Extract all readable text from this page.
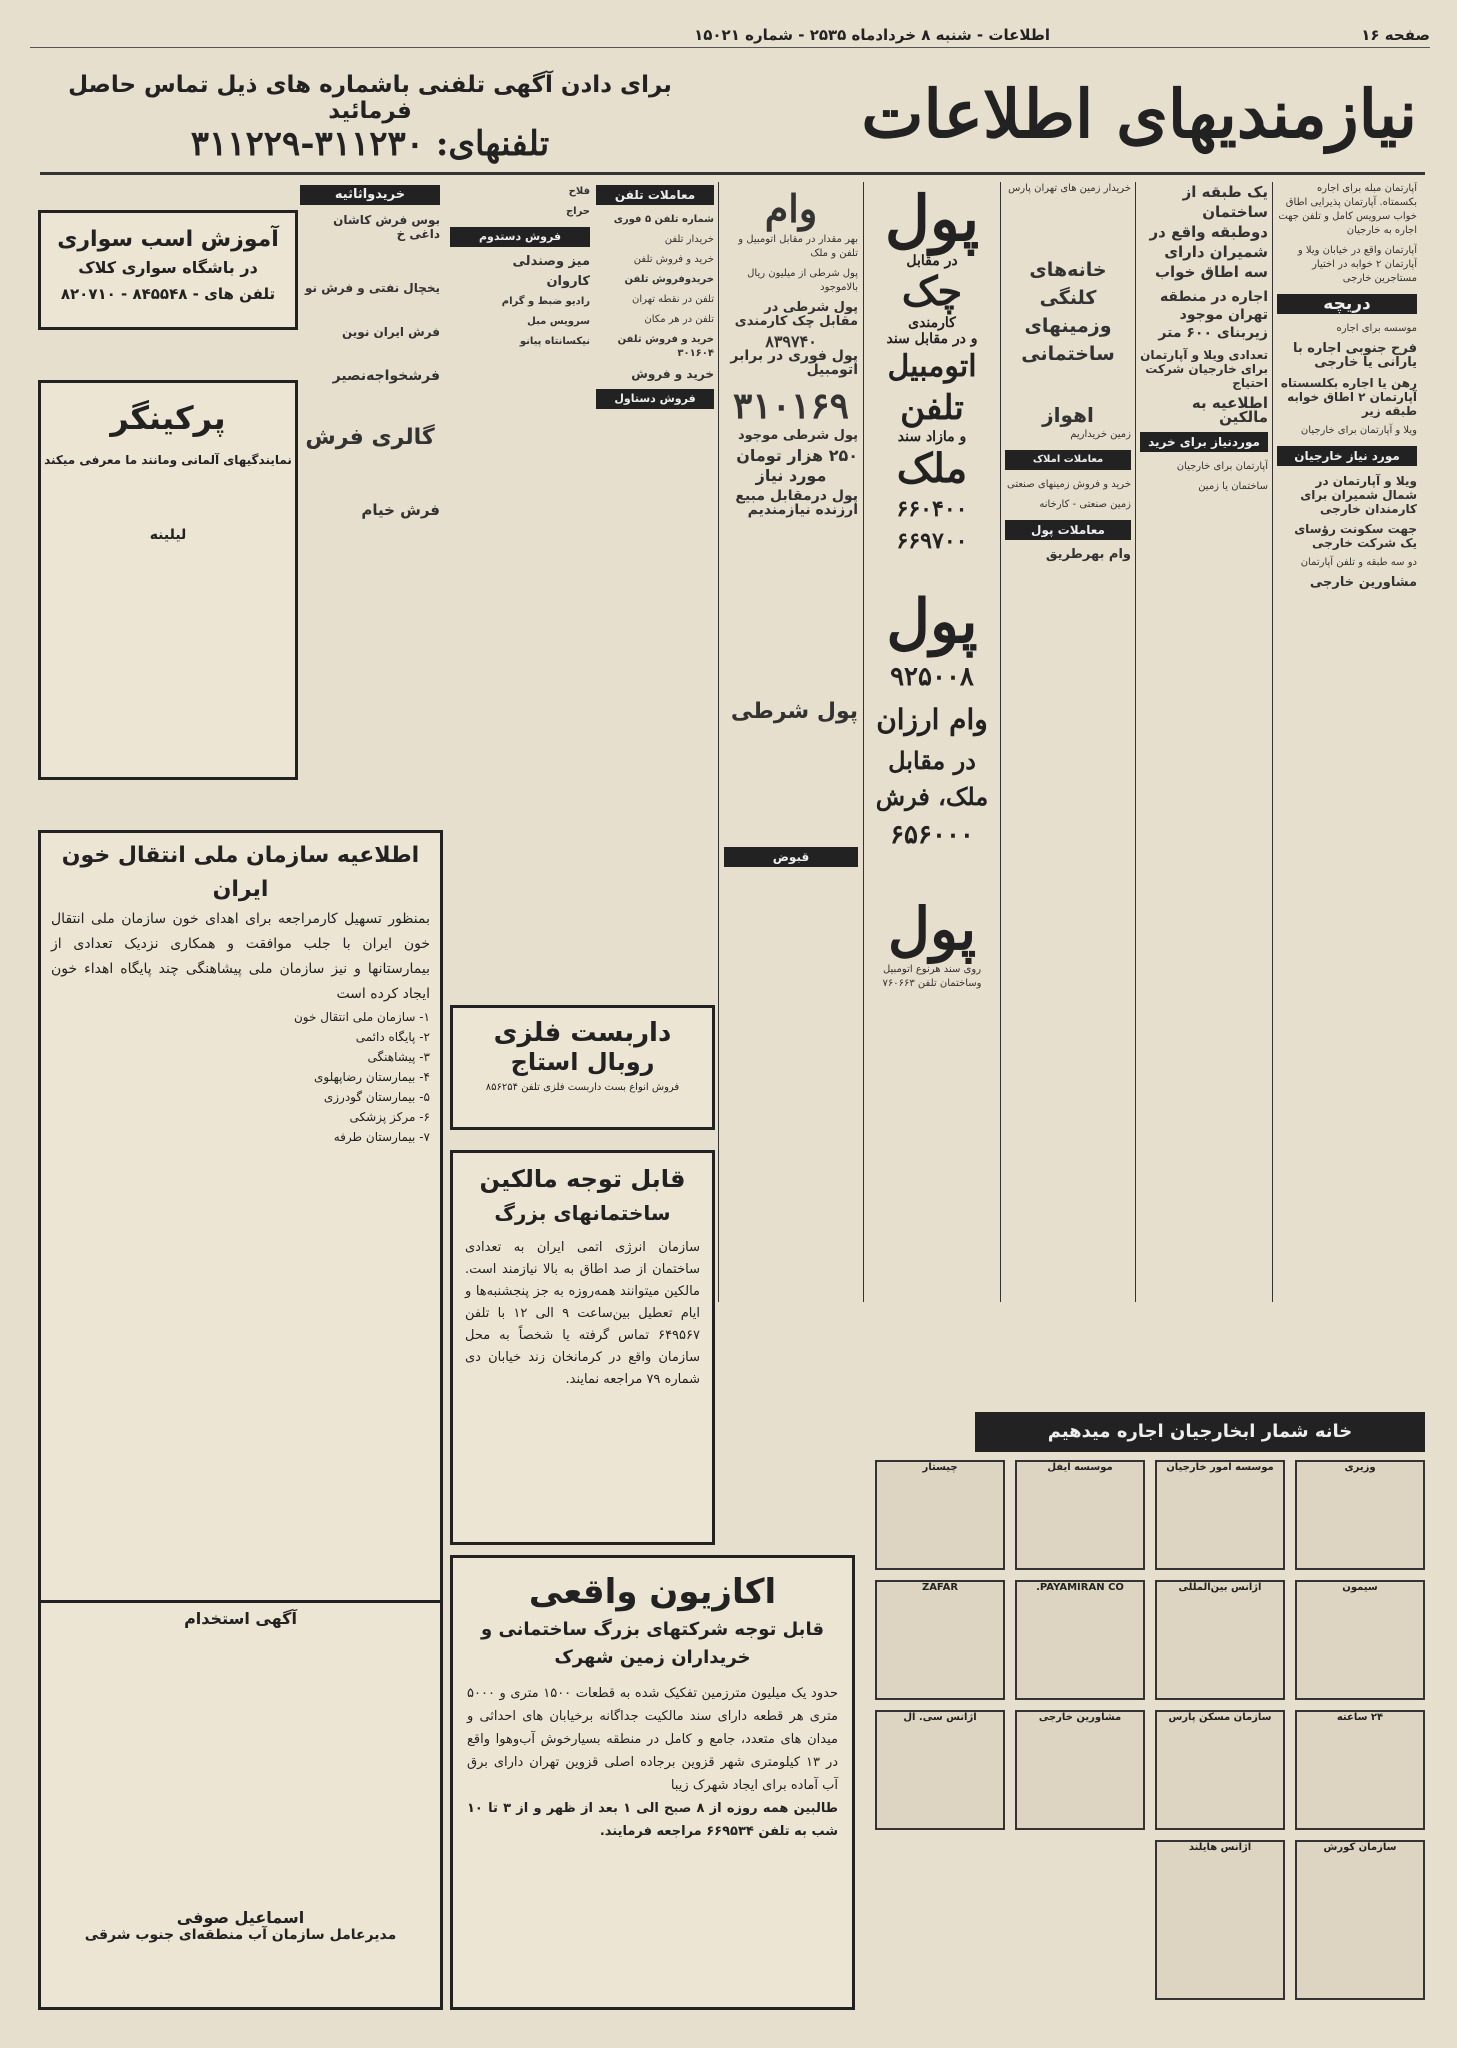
صفحه ۱۶
اطلاعات - شنبه ۸ خردادماه ۲۵۳۵ - شماره ۱۵۰۲۱
نیازمندیهای اطلاعات
برای دادن آگهی تلفنی باشماره های ذیل تماس حاصل فرمائید
تلفنهای: ۳۱۱۲۳۰-۳۱۱۲۲۹

آپارتمان مبله برای اجاره بکسمتاه. آپارتمان پذیرایی اطاق خواب سرویس کامل و تلفن جهت اجاره به خارجیان

آپارتمان واقع در خیابان ویلا و آپارتمان ۲ خوابه در اختیار مستاجرین خارجی

دریچه

موسسه برای اجاره

فرح جنوبی اجاره با یارانی یا خارجی

رهن یا اجاره بکلسستاه آپارتمان ۲ اطاق خوابه طبقه زیر

ویلا و آپارتمان برای خارجیان

مورد نیاز خارجیان

ویلا و آپارتمان در شمال شمیران برای کارمندان خارجی

جهت سکونت رؤسای یک شرکت خارجی

دو سه طبقه و تلفن آپارتمان

مشاورین خارجی

یک طبقه از ساختمان دوطبقه واقع در شمیران دارای سه اطاق خواب

اجاره در منطقه تهران موجود زیربنای ۶۰۰ متر

تعدادی ویلا و آپارتمان برای خارجیان شرکت احتیاج

اطلاعیه به مالکین

موردنیاز برای خرید

آپارتمان برای خارجیان

ساختمان یا زمین

خریدار زمین های تهران پارس

خانه‌های کلنگی وزمینهای ساختمانی

اهواز

زمین خریداریم

معاملات املاک

خرید و فروش زمینهای صنعتی

زمین صنعتی - کارخانه

معاملات پول

وام بهرطریق

پول
در مقابل
چک
کارمندی
و در مقابل سند
اتومبیل
تلفن
و مازاد سند
ملک
۶۶۰۴۰۰ ۶۶۹۷۰۰
پول
۹۲۵۰۰۸
وام ارزان
در مقابل
ملک، فرش
۶۵۶۰۰۰
پول
روی سند هرنوع اتومبیل وساختمان تلفن ۷۶۰۶۶۳
وام

بهر مقدار در مقابل اتومبیل و تلفن و ملک

پول شرطی از میلیون ریال بالاموجود

پول شرطی در مقابل چک کارمندی

۸۳۹۷۴۰

پول فوری در برابر اتومبیل

۳۱۰۱۶۹

پول شرطی موجود

۲۵۰ هزار تومان

مورد نیاز

پول درمقابل مبیع ارزنده نیازمندیم

پول شرطی

قبوض
معاملات تلفن

شماره تلفن ۵ فوری

خریدار تلفن

خرید و فروش تلفن

خریدوفروش تلفن

تلفن در نقطه تهران

تلفن در هر مکان

خرید و فروش تلفن ۳۰۱۶۰۴

خرید و فروش

فروش دستاول

فلاح

حراج

فروش دستدوم

میز وصندلی

کاروان

رادیو ضبط و گرام

سرویس مبل

نیکسانتاه پیانو

خریدواثاثیه

بوس فرش کاشان داغی خ

یخچال نفتی و فرش نو

فرش ایران نوین

فرشخواجه‌نصیر

گالری فرش

فرش خیام

آموزش اسب سواری
در باشگاه سواری کلاک
تلفن های - ۸۴۵۵۴۸ - ۸۲۰۷۱۰
پرکینگر
نمایندگیهای آلمانی ومانند ما معرفی میکند
لیلینه
اطلاعیه سازمان ملی انتقال خون ایران
بمنظور تسهیل کارمراجعه برای اهدای خون سازمان ملی انتقال خون ایران با جلب موافقت و همکاری نزدیک تعدادی از بیمارستانها و نیز سازمان ملی پیشاهنگی چند پایگاه اهداء خون ایجاد کرده است
۱- سازمان ملی انتقال خون
۲- پایگاه دائمی
۳- پیشاهنگی
۴- بیمارستان رضاپهلوی
۵- بیمارستان گودرزی
۶- مرکز پزشکی
۷- بیمارستان طرفه
آگهی استخدام
اسماعیل صوفی
مدیرعامل سازمان آب منطقه‌ای جنوب شرقی
داربست فلزی
روبال استاج
فروش انواع بست داربست فلزی تلفن ۸۵۶۲۵۴
قابل توجه مالکین
ساختمانهای بزرگ
سازمان انرژی اتمی ایران به تعدادی ساختمان از صد اطاق به بالا نیازمند است. مالکین میتوانند همه‌روزه به جز پنجشنبه‌ها و ایام تعطیل بین‌ساعت ۹ الی ۱۲ با تلفن ۶۴۹۵۶۷ تماس گرفته یا شخصاً به محل سازمان واقع در کرمانخان زند خیابان دی شماره ۷۹ مراجعه نمایند.
اکازیون واقعی
قابل توجه شرکتهای بزرگ ساختمانی و خریداران زمین شهرک
حدود یک میلیون مترزمین تفکیک شده به قطعات ۱۵۰۰ متری و ۵۰۰۰ متری هر قطعه دارای سند مالکیت جداگانه برخیابان های احداثی و میدان های متعدد، جامع و کامل در منطقه بسیارخوش آب‌وهوا واقع در ۱۳ کیلومتری شهر قزوین برجاده اصلی قزوین تهران دارای برق آب آماده برای ایجاد شهرک زیبا
طالبین همه روزه از ۸ صبح الی ۱ بعد از ظهر و از ۳ تا ۱۰ شب به تلفن ۶۶۹۵۳۴ مراجعه فرمایند.
خانه شمار ابخارجیان اجاره میدهیم
وزیری
موسسه امور خارجیان
موسسه ایفل
چیستار
سیمون
آژانس بین‌المللی
PAYAMIRAN CO.
ZAFAR
۲۴ ساعته
سازمان مسکن پارس
مشاورین خارجی
آژانس سی. ال
سازمان کورش
آژانس هایلند
